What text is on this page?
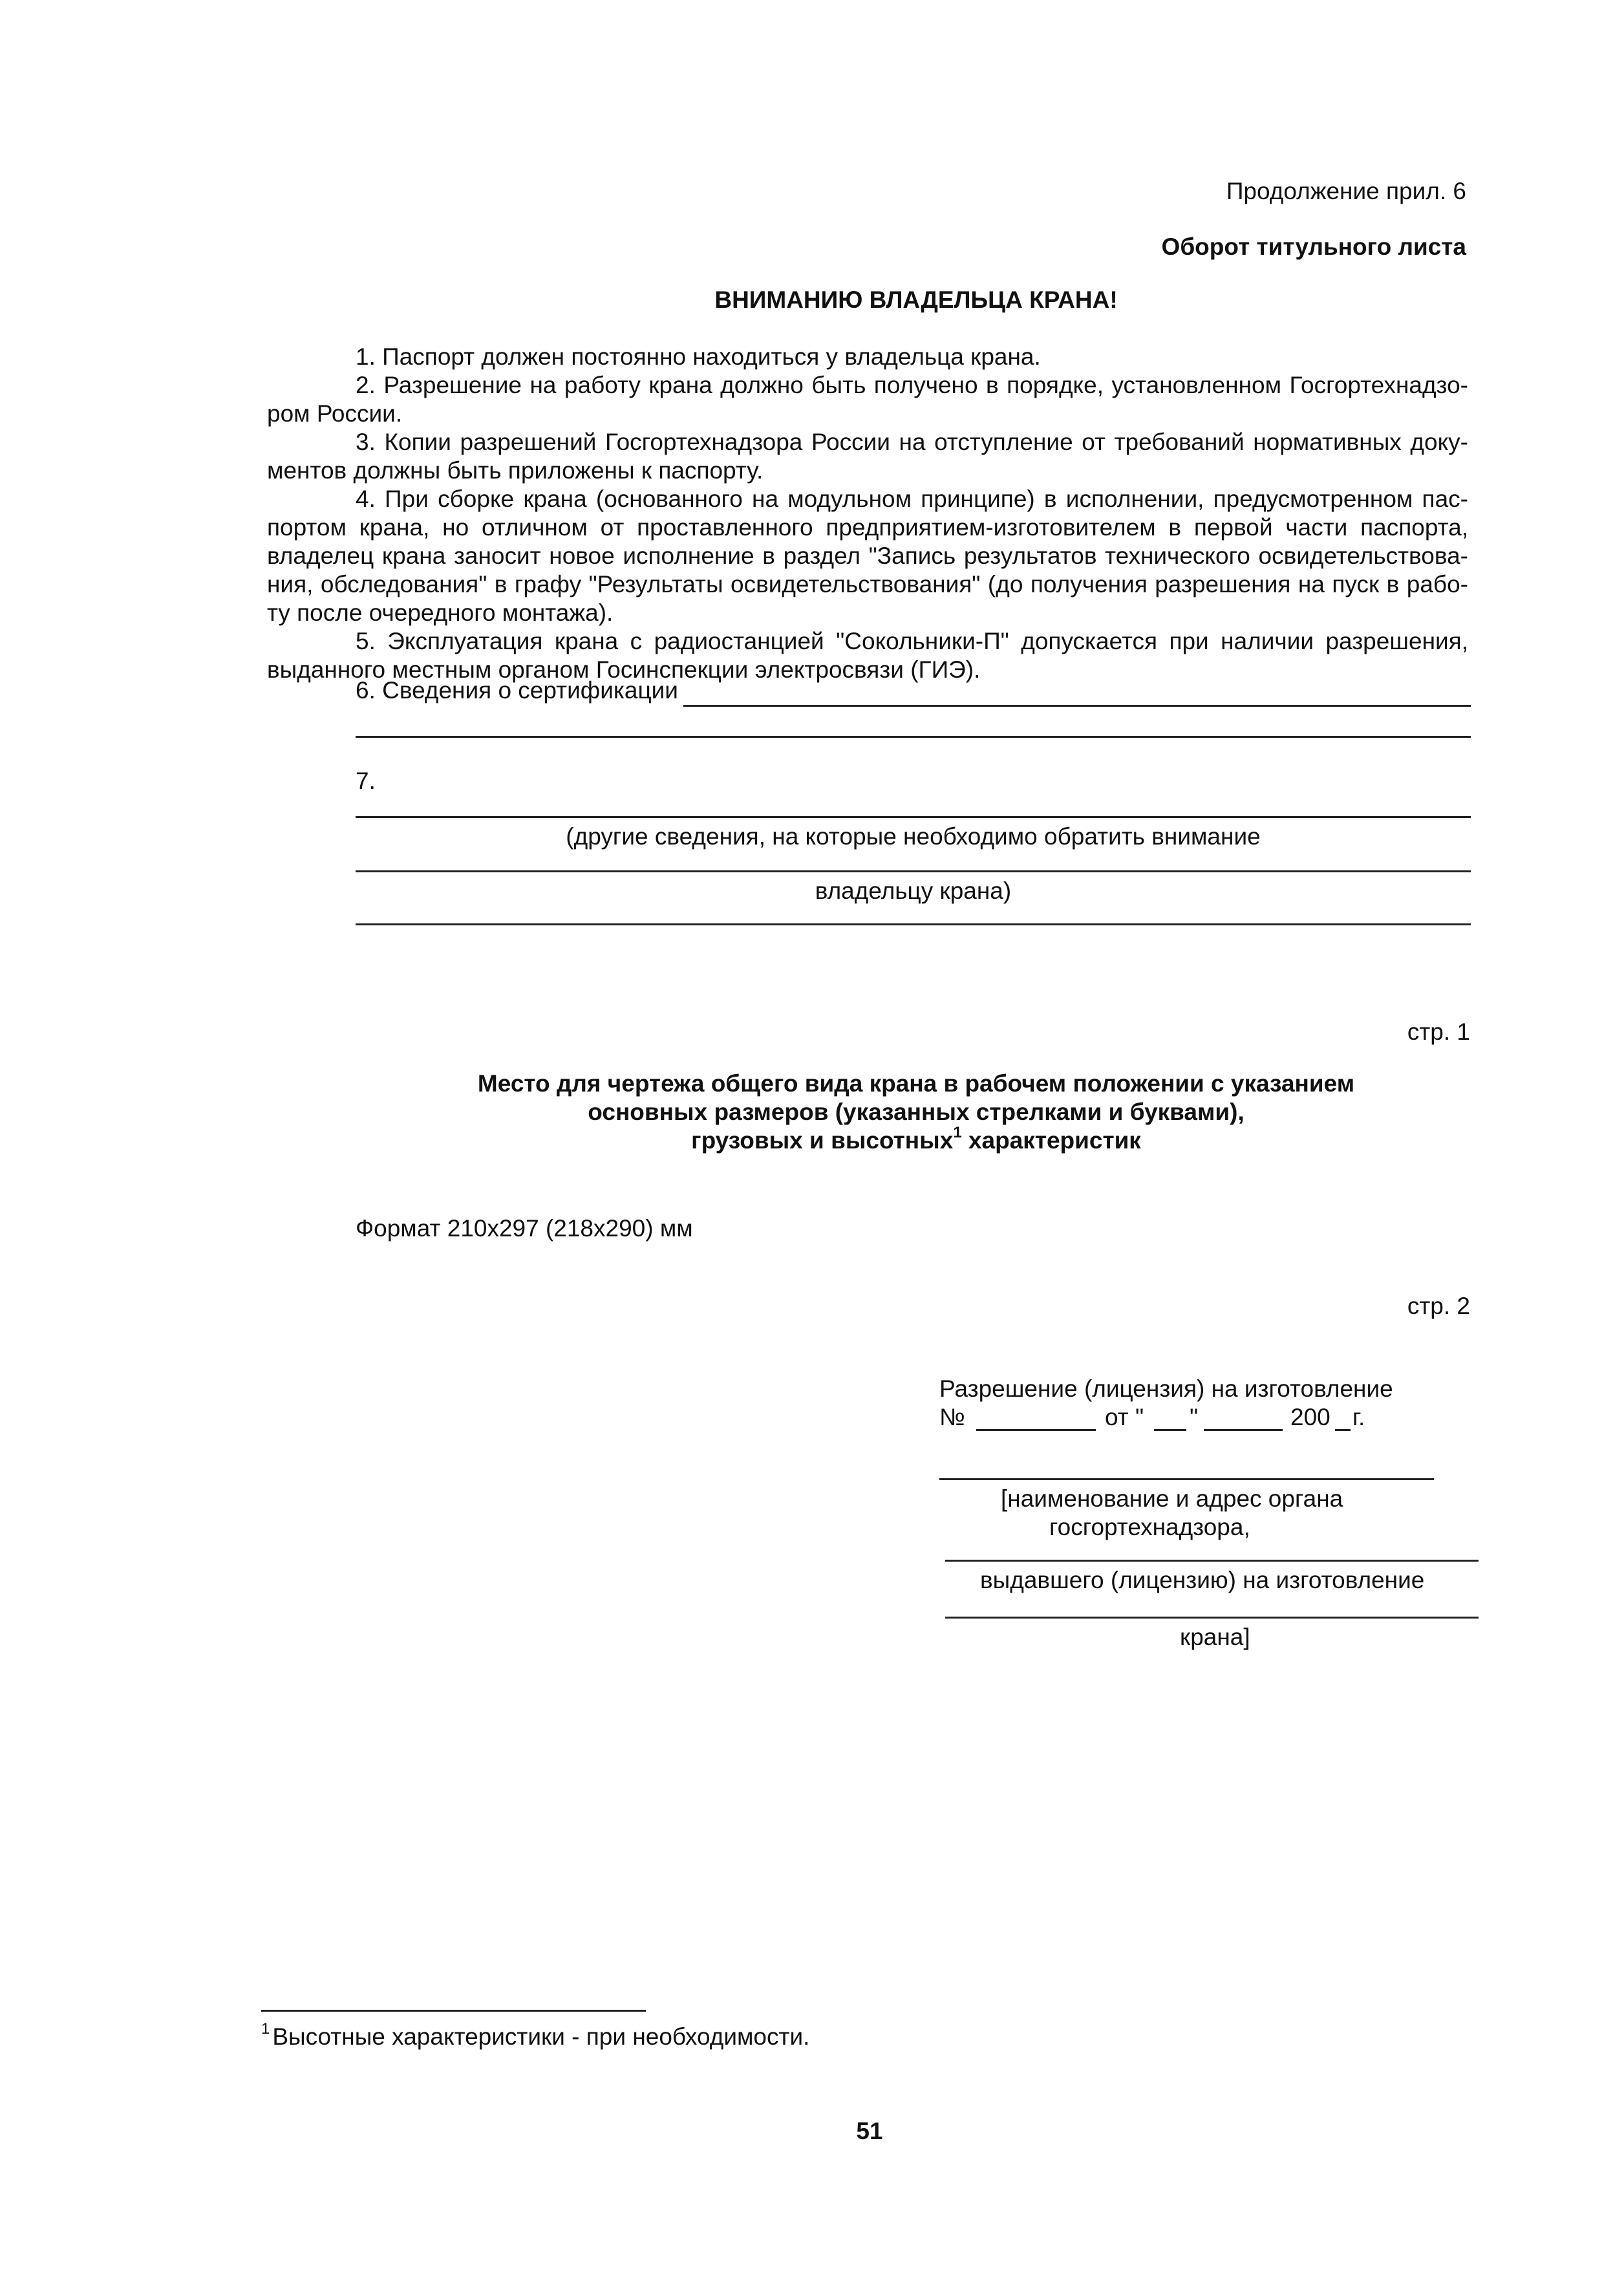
Продолжение прил. 6
Оборот титульного листа
ВНИМАНИЮ ВЛАДЕЛЬЦА КРАНА!
1. Паспорт должен постоянно находиться у владельца крана.
2. Разрешение на работу крана должно быть получено в порядке, установленном Госгортехнадзо-
ром России.
3. Копии разрешений Госгортехнадзора России на отступление от требований нормативных доку-
ментов должны быть приложены к паспорту.
4. При сборке крана (основанного на модульном принципе) в исполнении, предусмотренном пас-
портом крана, но отличном от проставленного предприятием-изготовителем в первой части паспорта,
владелец крана заносит новое исполнение в раздел "Запись результатов технического освидетельствова-
ния, обследования" в графу "Результаты освидетельствования" (до получения разрешения на пуск в рабо-
ту после очередного монтажа).
5. Эксплуатация крана с радиостанцией "Сокольники-П" допускается при наличии разрешения,
выданного местным органом Госинспекции электросвязи (ГИЭ).
6. Сведения о сертификации
7.
(другие сведения, на которые необходимо обратить внимание
владельцу крана)
стр. 1
Место для чертежа общего вида крана в рабочем положении с указанием
основных размеров (указанных стрелками и буквами),
грузовых и высотных$^1$ характеристик
Формат 210х297 (218х290) мм
стр. 2
Разрешение (лицензия) на изготовление
№	от " "	200 г.
[наименование и адрес органа
госгортехнадзора,
выдавшего (лицензию) на изготовление
крана]
$^1$ Высотные характеристики - при необходимости.
51
